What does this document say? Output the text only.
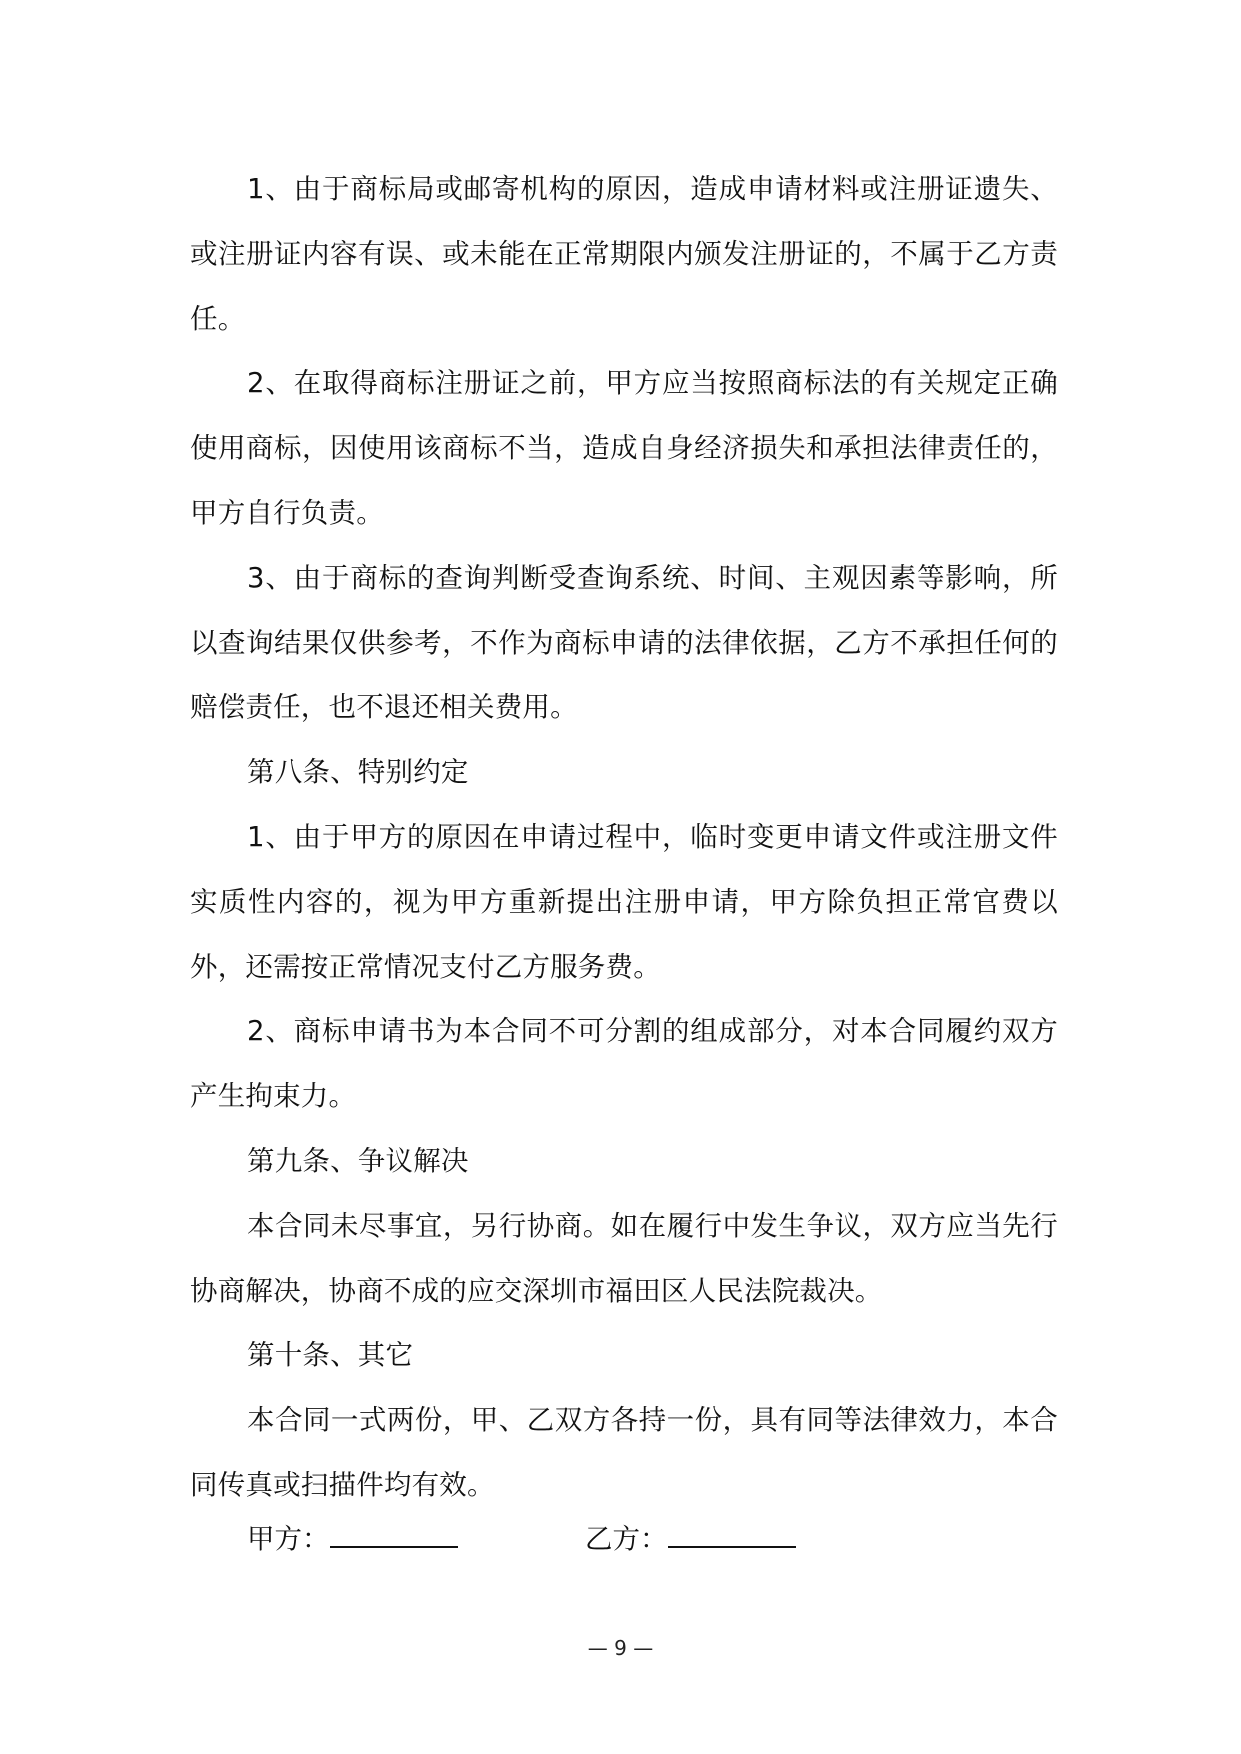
1、由于商标局或邮寄机构的原因，造成申请材料或注册证遗失、或注册证内容有误、或未能在正常期限内颁发注册证的，不属于乙方责任。

2、在取得商标注册证之前，甲方应当按照商标法的有关规定正确使用商标，因使用该商标不当，造成自身经济损失和承担法律责任的，甲方自行负责。

3、由于商标的查询判断受查询系统、时间、主观因素等影响，所以查询结果仅供参考，不作为商标申请的法律依据，乙方不承担任何的赔偿责任，也不退还相关费用。

第八条、特别约定

1、由于甲方的原因在申请过程中，临时变更申请文件或注册文件实质性内容的，视为甲方重新提出注册申请，甲方除负担正常官费以外，还需按正常情况支付乙方服务费。

2、商标申请书为本合同不可分割的组成部分，对本合同履约双方产生拘束力。

第九条、争议解决

本合同未尽事宜，另行协商。如在履行中发生争议，双方应当先行协商解决，协商不成的应交深圳市福田区人民法院裁决。

第十条、其它

本合同一式两份，甲、乙双方各持一份，具有同等法律效力，本合同传真或扫描件均有效。

甲方：	乙方：
— 9 —
